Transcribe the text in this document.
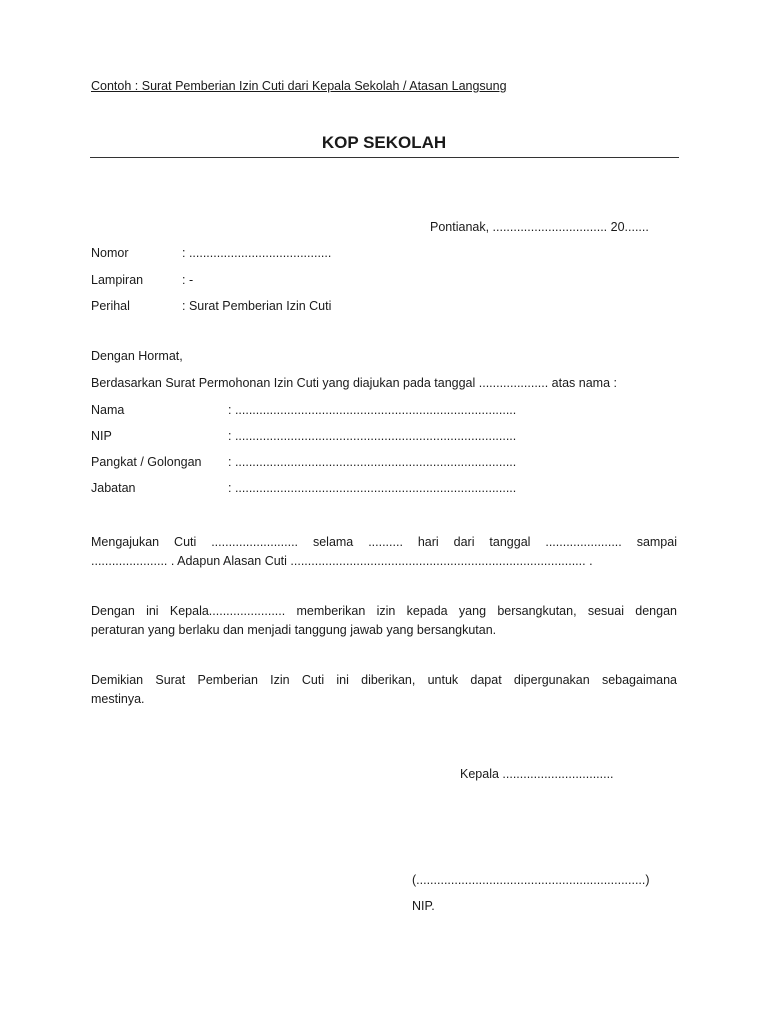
Contoh : Surat Pemberian Izin Cuti dari Kepala Sekolah / Atasan Langsung
KOP SEKOLAH
Pontianak, ................................. 20.......
Nomor	: .........................................
Lampiran	: -
Perihal	: Surat Pemberian Izin Cuti
Dengan Hormat,
Berdasarkan Surat Permohonan Izin Cuti yang diajukan pada tanggal .................... atas nama :
Nama	: .................................................................................
NIP	: .................................................................................
Pangkat / Golongan : .................................................................................
Jabatan	: .................................................................................
Mengajukan Cuti ......................... selama .......... hari dari tanggal ...................... sampai
...................... . Adapun Alasan Cuti ..................................................................................... .
Dengan ini Kepala...................... memberikan izin kepada yang bersangkutan, sesuai dengan
peraturan yang berlaku dan menjadi tanggung jawab yang bersangkutan.
Demikian Surat Pemberian Izin Cuti ini diberikan, untuk dapat dipergunakan sebagaimana
mestinya.
Kepala ................................
(..................................................................)
NIP.
